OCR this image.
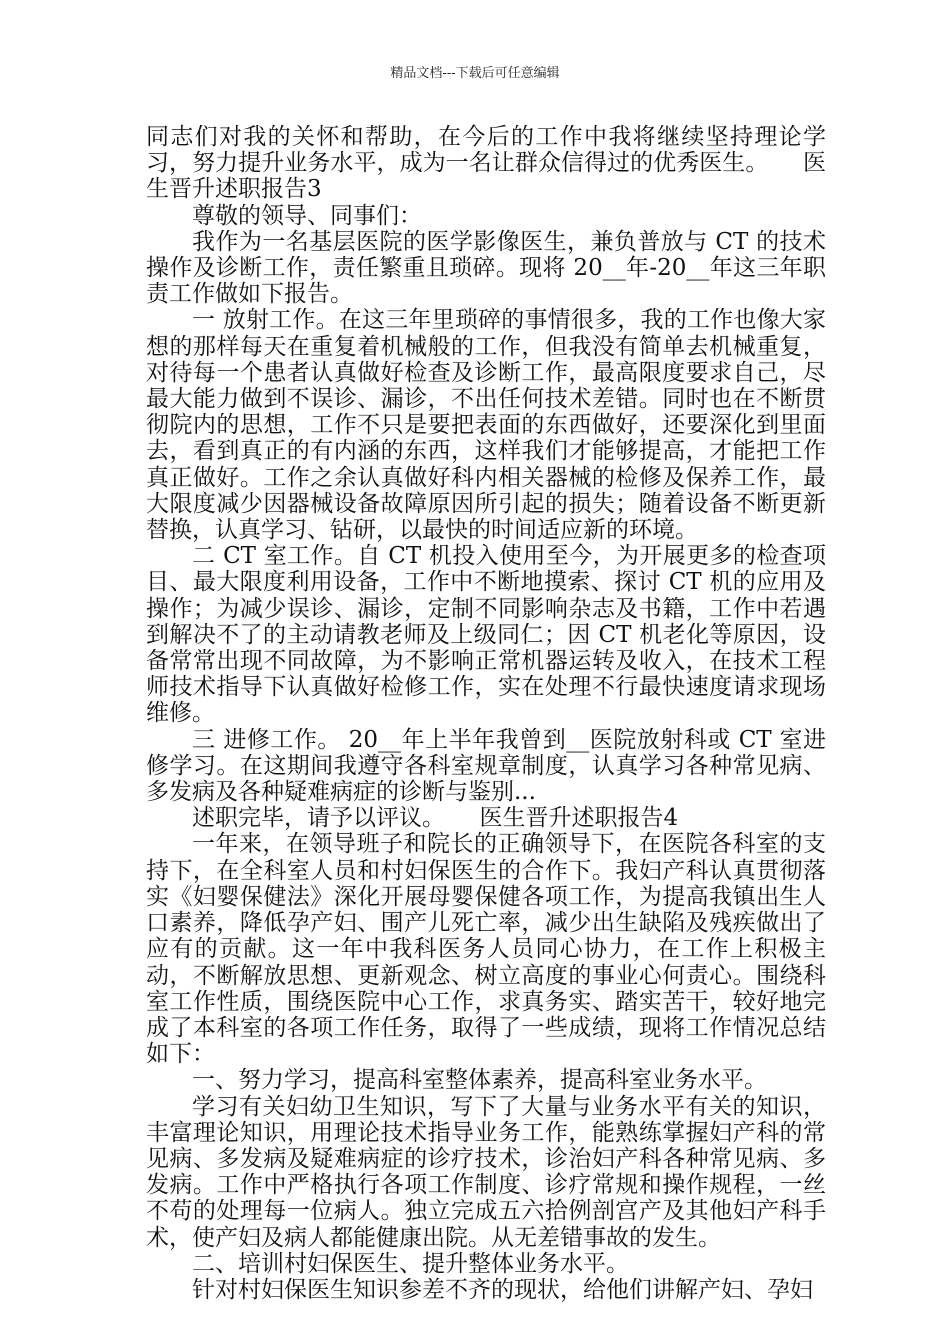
精品文档---下载后可任意编辑

同志们对我的关怀和帮助，在今后的工作中我将继续坚持理论学习，努力提升业务水平，成为一名让群众信得过的优秀医生。　　医生晋升述职报告3

尊敬的领导、同事们：

我作为一名基层医院的医学影像医生，兼负普放与 CT 的技术操作及诊断工作，责任繁重且琐碎。现将 20__年-20__年这三年职责工作做如下报告。

一 放射工作。在这三年里琐碎的事情很多，我的工作也像大家想的那样每天在重复着机械般的工作，但我没有简单去机械重复，对待每一个患者认真做好检查及诊断工作，最高限度要求自己，尽最大能力做到不误诊、漏诊，不出任何技术差错。同时也在不断贯彻院内的思想，工作不只是要把表面的东西做好，还要深化到里面去，看到真正的有内涵的东西，这样我们才能够提高，才能把工作真正做好。工作之余认真做好科内相关器械的检修及保养工作，最大限度减少因器械设备故障原因所引起的损失；随着设备不断更新替换，认真学习、钻研，以最快的时间适应新的环境。

二 CT 室工作。自 CT 机投入使用至今，为开展更多的检查项目、最大限度利用设备，工作中不断地摸索、探讨 CT 机的应用及操作；为减少误诊、漏诊，定制不同影响杂志及书籍，工作中若遇到解决不了的主动请教老师及上级同仁；因 CT 机老化等原因，设备常常出现不同故障，为不影响正常机器运转及收入，在技术工程师技术指导下认真做好检修工作，实在处理不行最快速度请求现场维修。

三 进修工作。 20__年上半年我曾到__医院放射科或 CT 室进修学习。在这期间我遵守各科室规章制度，认真学习各种常见病、多发病及各种疑难病症的诊断与鉴别...

述职完毕，请予以评议。　　医生晋升述职报告4

一年来，在领导班子和院长的正确领导下，在医院各科室的支持下，在全科室人员和村妇保医生的合作下。我妇产科认真贯彻落实《妇婴保健法》深化开展母婴保健各项工作，为提高我镇出生人口素养，降低孕产妇、围产儿死亡率，减少出生缺陷及残疾做出了应有的贡献。这一年中我科医务人员同心协力，在工作上积极主动，不断解放思想、更新观念、树立高度的事业心何责心。围绕科室工作性质，围绕医院中心工作，求真务实、踏实苦干，较好地完成了本科室的各项工作任务，取得了一些成绩，现将工作情况总结如下：

一、努力学习，提高科室整体素养，提高科室业务水平。

学习有关妇幼卫生知识，写下了大量与业务水平有关的知识，丰富理论知识，用理论技术指导业务工作，能熟练掌握妇产科的常见病、多发病及疑难病症的诊疗技术，诊治妇产科各种常见病、多发病。工作中严格执行各项工作制度、诊疗常规和操作规程，一丝不苟的处理每一位病人。独立完成五六拾例剖宫产及其他妇产科手术，使产妇及病人都能健康出院。从无差错事故的发生。

二、培训村妇保医生、提升整体业务水平。

针对村妇保医生知识参差不齐的现状，给他们讲解产妇、孕妇
